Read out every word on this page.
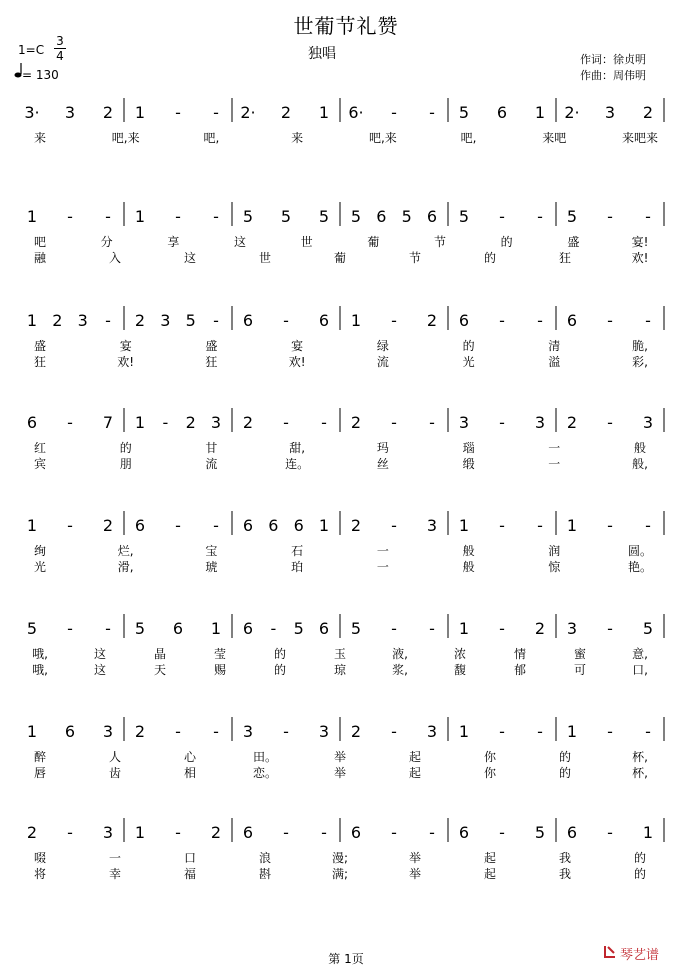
世葡节礼赞
独唱
1=C
3
4
= 130
作词：徐贞明
作曲：周伟明
3· 3 2 1 - - 2· 2 1 6· - - 5 6 1 2· 3 2
来	吧,来	吧,	来	吧,来	吧,	来吧	来吧来
1 - - 1 - - 5 5 5 5 6 5 6 5 - - 5 - -
吧	分	享	这	世	葡	节	的	盛	宴!
融	入	这	世	葡	节	的	狂	欢!
1 2 3 - 2 3 5 - 6 - 6 1 - 2 6 - - 6 - -
盛	宴	盛	宴	绿	的	清	脆,
狂	欢!	狂	欢!	流	光	溢	彩,
6 - 7 1 - 2 3 2 - - 2 - - 3 - 3 2 - 3
红	的	甘	甜,	玛	瑙	一	般
宾	朋	流	连。	丝	缎	一	般,
1 - 2 6 - - 6 6 6 1 2 - 3 1 - - 1 - -
绚	烂,	宝	石	一	般	润	圆。
光	滑,	琥	珀	一	般	惊	艳。
5 - - 5 6 1 6 - 5 6 5 - - 1 - 2 3 - 5
哦,	这	晶	莹	的	玉	液,	浓	情	蜜	意,
哦,	这	天	赐	的	琼	浆,	馥	郁	可	口,
1 6 3 2 - - 3 - 3 2 - 3 1 - - 1 - -
醉	人	心	田。	举	起	你	的	杯,
唇	齿	相	恋。	举	起	你	的	杯,
2 - 3 1 - 2 6 - - 6 - - 6 - 5 6 - 1
啜	一	口	浪	漫;	举	起	我	的
将	幸	福	斟	满;	举	起	我	的
第 1页	琴艺谱
